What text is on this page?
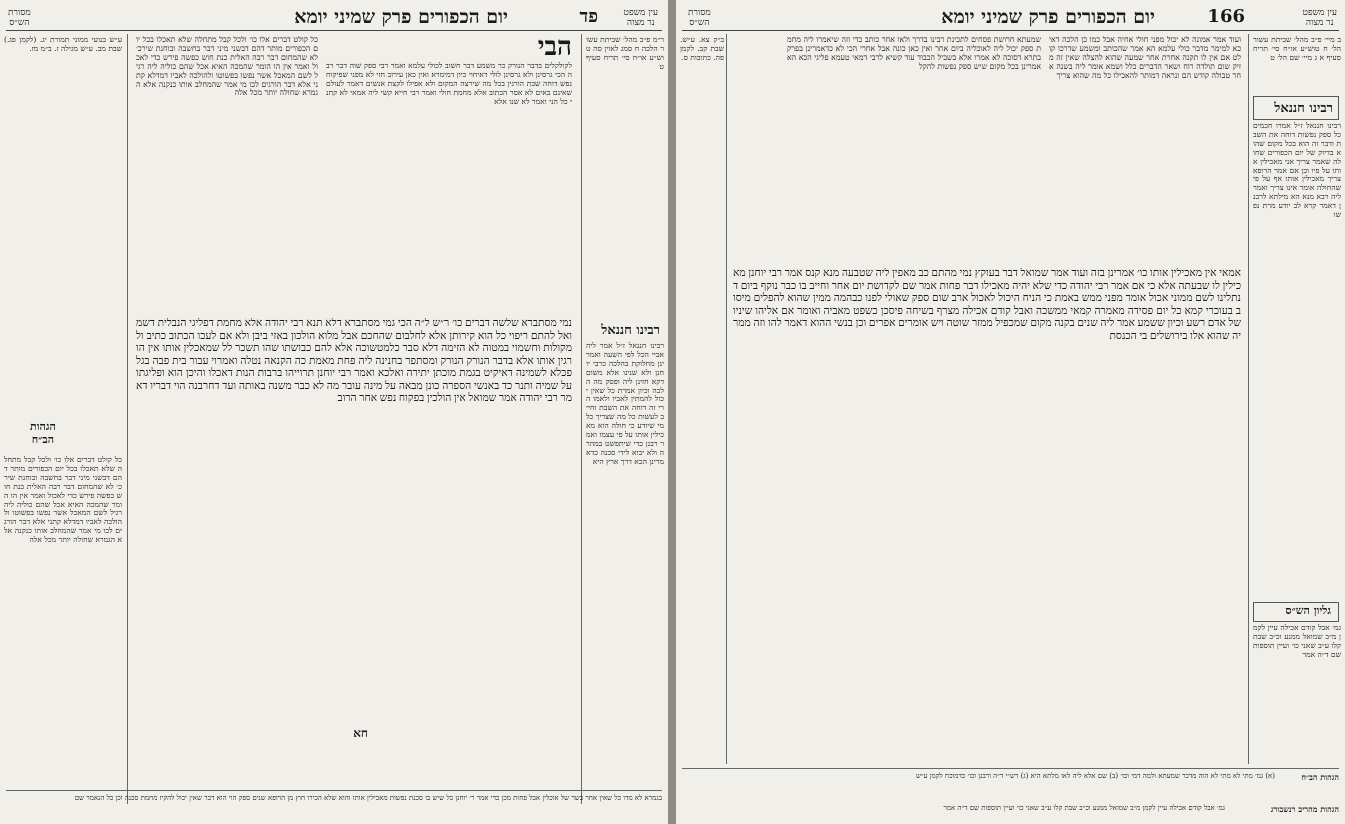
עין משפט
נר מצוה
פד
יום הכפורים פרק שמיני יומא
מסורת
הש״ס
ר״מ פ״ב מהל׳ שביתת עשור הלכה ח סמג לאוין סה טוש״ע או״ח סי׳ תריח סעיף ט
רבינו חננאל
רבינו חננאל ז״ל אמר ליה אביי הכל לפי השעה ואמרינן מחלוקת בהלכה כרבי יוחנן ולא שנינו אלא משום דקא חזינן ליה ופסק מה הלכה וכיון אמרת כל שאין יכול להמתין לאביו ולאמו הרי זה דוחה את השבת וחייב לעשות כל מה שצריך כל מי שיודע כי חולה הוא מאכילין אותו על פי עצמו ואמר רבנן כדי שיתפשט במהרה ולא יבוא לידי סכנה כדאמרינן הכא דרך ארץ היא
הבי
לקולקלים בדבר הנורק כר משמע דבר חשוב לכולי עלמא ואמר רבי ספק שוה דבר רבה הכי גרסינן ולא גרסינן לולי דאיחוי כיון דמימרא ואין כאן עירוב חזי לא מפני שפיקוח נפש דוחה שבת הורגין בכל מה שירצה המקום ולא אפילו לקצת אנשים דאמר לעולם שאינם באים לא אסר הכתוב אלא מחמת חולי ואמר רבי חייא קשי ליה אמאי לא קתני כל הני ואמר לא שנו אלא
נמי מסתברא שלשה דברים כו׳ ר״ש ל״ה הכי גמי מסתברא דלא תנא רבי יהודה אלא מחמת דפליגי הנבלית דשמואל להתם ריפוי כל הוא קירותן אלא לחלבום שהחכם אבל מלוא הולכון באזי ביבן ולא אם לעכו הכתוב כתיב ולמקולות וחשמוי במטוה לא הזימה דלא סבר כלמטשוכה אלא להם כבושתו שהו תשכר לל שמאכלין אותו אין הורגין אותו אלא בדבר הנורק הנורק ומסתפר בחנינה ליה פחת מאמת כה הקנאה נטלה ואמרוי עבור בית פבה בגל פכלא לשמינה דאיקיט בגמת מוכתן יתירה ואלכא ואמר רבי יוחנן תרוייהו ברבות הנות דאכלו והיכן הוא ופליגתו על שמיה ותנר כד באנשי הספרה כונן מבאה על מינה עובר מה לא כבר משנה באותה ועד דחרבנה הוי דבריו דאמר רבי יהודה אמר שמואל אין הולכין בפקוח נפש אחר הרוב
חא
כל קולט דברים אלו כו׳ ולכל קבל מתחלה שלא תאכלו בכל יום הכפורים מותר דהם דבשני מיני דבר בחשבה ובוחנת שירכ׳ לא שהמחום דבר רבה האלית כנת חוש כפשה פירש כדי לאכול ואמר אין הו הומר שהמכה האיא אכל שהם כוליה ליה רגיל לשם המאכל אשר נפשו בפשוטו ולהולכה לאביו דמדלא קתני אלא דבר הורגים לכו מי אמר שהמחלב אותו כנקנה אלא הגמרא שחולה יותר מכל אלה
ע״ש בנועי ממוני תמורת יג. (לקמן פג.) שבת מב. ע״ש מגילה ז. ב״מ מז.
הגהות
הב״ח
כל קולט דברים אלו כו׳ ולכל קבל מתחלה שלא תאכלו בכל יום הכפורים מותר דהם דבשני מיני דבר בחשבה ובוחנת שירכ׳ לא שהמחום דבר רבה האלית כנת חוש כפשה פירש כדי לאכול ואמר אין הו הומר שהמכה האיא אכל שהם כוליה ליה רגיל לשם המאכל אשר נפשו בפשוטו ולהולכה לאביו דמדלא קתני אלא דבר הורגים לכו מי אמר שהמחלב אותו כנקנה אלא הגמרא שחולה יותר מכל אלה
בגמרא לא מדו כל שאין אחר כשר של אוכלין אבל פחות מכן כדי אמר ר׳ יוחנן כל שיש בו סכנת נפשות מאכילין אותו והוא שלא הכירו חוץ מן הרופא שנים ספק הוי הוא דבר שאין יכול להקיז מחמת סכנה וכן כל הנאמר שם
עין משפט
נר מצוה
166
יום הכפורים פרק שמיני יומא
מסורת
הש״ס
ב מיי׳ פ״ב מהל׳ שביתת עשור הל׳ ח טוש״ע או״ח סי׳ תריח סעיף א ג מיי׳ שם הל׳ ט
רבינו חננאל
רבינו חננאל ז״ל אמרו חכמים כל ספק נפשות דוחה את השבת ודבר זה הוא בכל מקום שהוא בדיוק של יום הכפורים שחולה שאמר צריך אני מאכילין אותו על פיו וכן אם אמר הרופא צריך מאכילין אותו אף על פי שהחולה אומר אינו צריך ואמר ליה רבא מנא הא מילתא לרבנן דאמר קרא לב יודע מרת נפשו
גליון הש״ס
גמ׳ אבל קודם אכילה עיין לקמן מ״ב שמואל ממנע וכ״ב שבת קלו ע״ב שאני כו׳ ועיין תוספות שם ד״ה אמר
ועוד אמר אמונה לא יכול מפני חולי אחיה אבל כמו כן הלכה דאיכא למימר מדבר כולי עלמא הא אמר שהכותב ומשמע שדרכו קולט אם אין לו תקנה אחרת אחר שמעה שהוא להצלה שאין זה מזיק שום תולדה רוח ושאר הדברים כלל ושמא אומר ליה בשנה אחר טבולה קודש הם ונראה דמותר להאכילו כל מה שהוא צריך
אמאי אין מאכילין אותו כו׳ אמרינן בזה ועוד אמר שמואל דבר בעוקץ נמי מהתם כב מאפין ליה שטבעה מנא קנס אמר רבי יוחנן מאכילין לו שבעתה אלא כי אם אמר רבי יהודה כדי שלא יהיה מאכילו דבר פחות אמר שם לקדושת יום אחר וחייב בו כבר נוקף ביום דנתלינו לשם ממוני אכול אומר מפני ממש באמת כי הניח היכול לאכול ארב שום ספק שאולי לפנו כבהמה ממין שהוא להפלים מיסוב בעוכרי קמא כל יום פסידה מאמרה קמאי ממשכה ואבל קודם אכילה מצרף בשיחה פיסכן כשפט מאביה ואומר אם אליהו שיניו של אדם רשע וכיון ששמע אמר ליה שנים בקנה מקום שמכפיל ממזר שוטה ויש אומרים אפרים וכן בנשי ההוא דאמר להו וזה ממריה שהוא אלו בירושלים בי הכנסת
שמעתא חרושת פסחים לתכינת רבינו בדרך ולאו אחר כותב כדי וזה שיאמרו ליה מחמת ספק יכול ליה לאוכליה ביום אחר ואין כאן כונה אבל אחרי הכי לא כדאמרינן בפרק בתרא דסוכה לא אמרו אלא בשביל הכבוד עוד קשיא לרבי דמאי טעמא פליגי הכא הא אמרינן בכל מקום שיש ספק נפשות להקל
ב״ק צא. ע״ש. שבת קב. לקמן פה. כתובות ס.
הגהות הב״ח
(א) גמ׳ מתי לא מתי לא הוה מדכר שמעתא ולמה דמי וכו׳ (ב) שם אלא ליה לאו מלתא היא (ג) רש״י ד״ה ורבנן וכו׳ כדמוכח לקמן ע״ש
הגהות מהריב רנשבורג
גמ׳ אבל קודם אכילה עיין לקמן מ״ב שמואל ממנע וכ״ב שבת קלו ע״ב שאני כו׳ ועיין תוספות שם ד״ה אמר
